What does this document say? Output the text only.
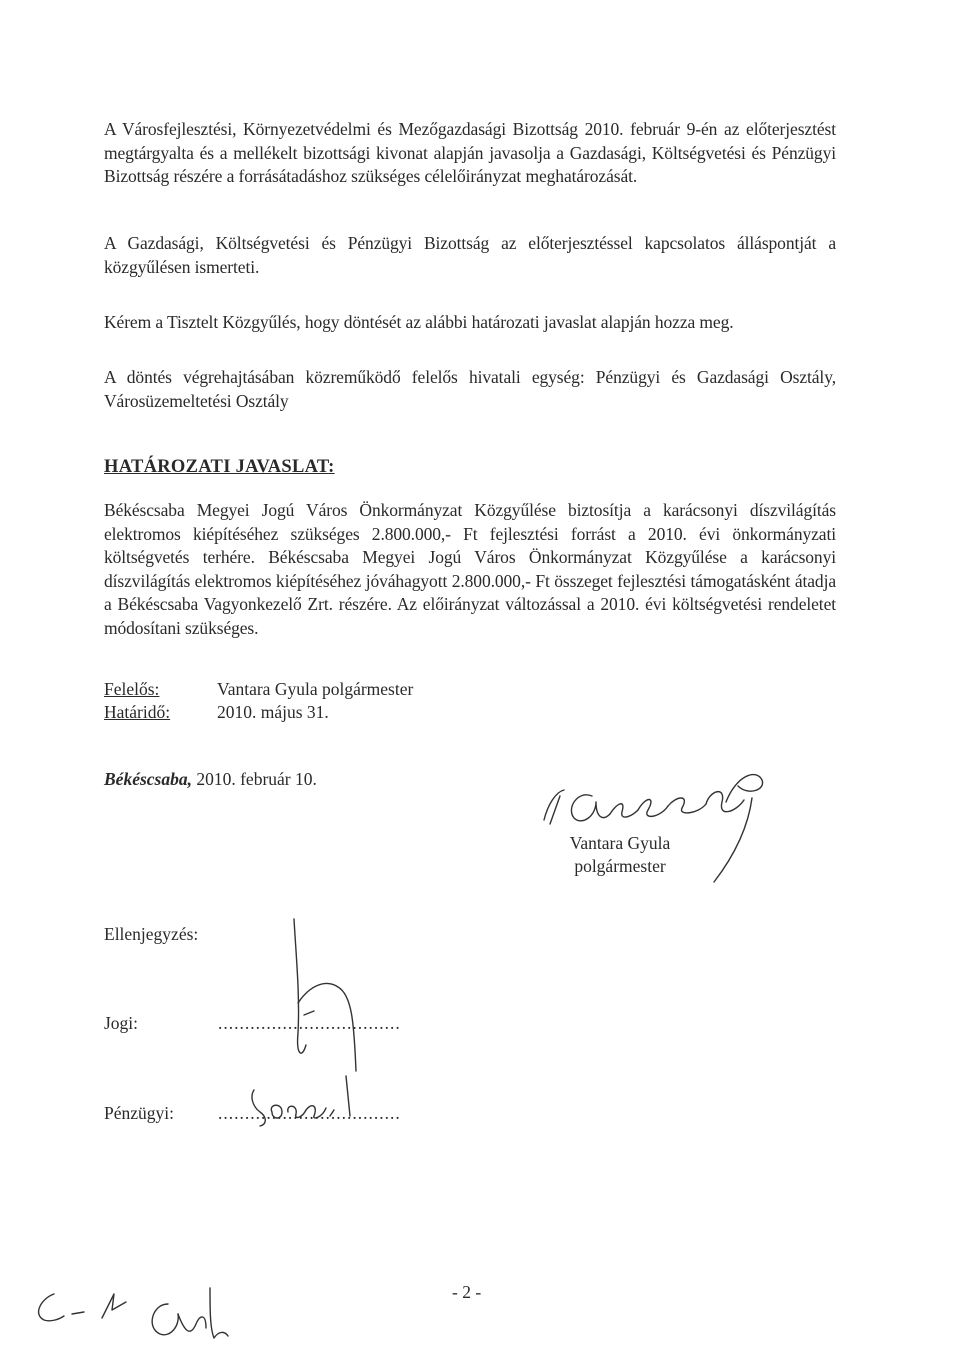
A Városfejlesztési, Környezetvédelmi és Mezőgazdasági Bizottság 2010. február 9-én az előterjesztést megtárgyalta és a mellékelt bizottsági kivonat alapján javasolja a Gazdasági, Költségvetési és Pénzügyi Bizottság részére a forrásátadáshoz szükséges célelőirányzat meghatározását.

A Gazdasági, Költségvetési és Pénzügyi Bizottság az előterjesztéssel kapcsolatos álláspontját a közgyűlésen ismerteti.

Kérem a Tisztelt Közgyűlés, hogy döntését az alábbi határozati javaslat alapján hozza meg.

A döntés végrehajtásában közreműködő felelős hivatali egység: Pénzügyi és Gazdasági Osztály, Városüzemeltetési Osztály

HATÁROZATI JAVASLAT:

Békéscsaba Megyei Jogú Város Önkormányzat Közgyűlése biztosítja a karácsonyi díszvilágítás elektromos kiépítéséhez szükséges 2.800.000,- Ft fejlesztési forrást a 2010. évi önkormányzati költségvetés terhére. Békéscsaba Megyei Jogú Város Önkormányzat Közgyűlése a karácsonyi díszvilágítás elektromos kiépítéséhez jóváhagyott 2.800.000,- Ft összeget fejlesztési támogatásként átadja a Békéscsaba Vagyonkezelő Zrt. részére. Az előirányzat változással a 2010. évi költségvetési rendeletet módosítani szükséges.

Felelős:	Vantara Gyula polgármester
Határidő:	2010. május 31.
Békéscsaba, 2010. február 10.
Vantara Gyula
polgármester
Ellenjegyzés:
Jogi:	..................................
Pénzügyi:	..................................
- 2 -
